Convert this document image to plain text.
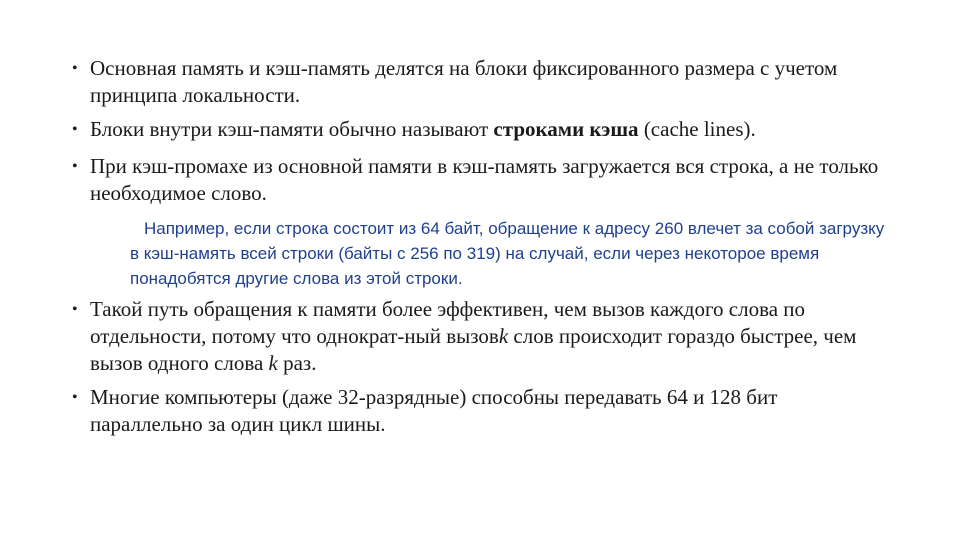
• Основная память и кэш-память делятся на блоки фиксированного размера с учетом принципа локальности.
• Блоки внутри кэш-памяти обычно называют строками кэша (cache lines).
• При кэш-промахе из основной памяти в кэш-память загружается вся строка, а не только необходимое слово.
Например, если строка состоит из 64 байт, обращение к адресу 260 влечет за собой загрузку в кэш-намять всей строки (байты с 256 по 319) на случай, если через некоторое время понадобятся другие слова из этой строки.
• Такой путь обращения к памяти более эффективен, чем вызов каждого слова по отдельности, потому что однократ-ный вызовk слов происходит гораздо быстрее, чем вызов одного слова k раз.
• Многие компьютеры (даже 32-разрядные) способны передавать 64 и 128 бит параллельно за один цикл шины.
